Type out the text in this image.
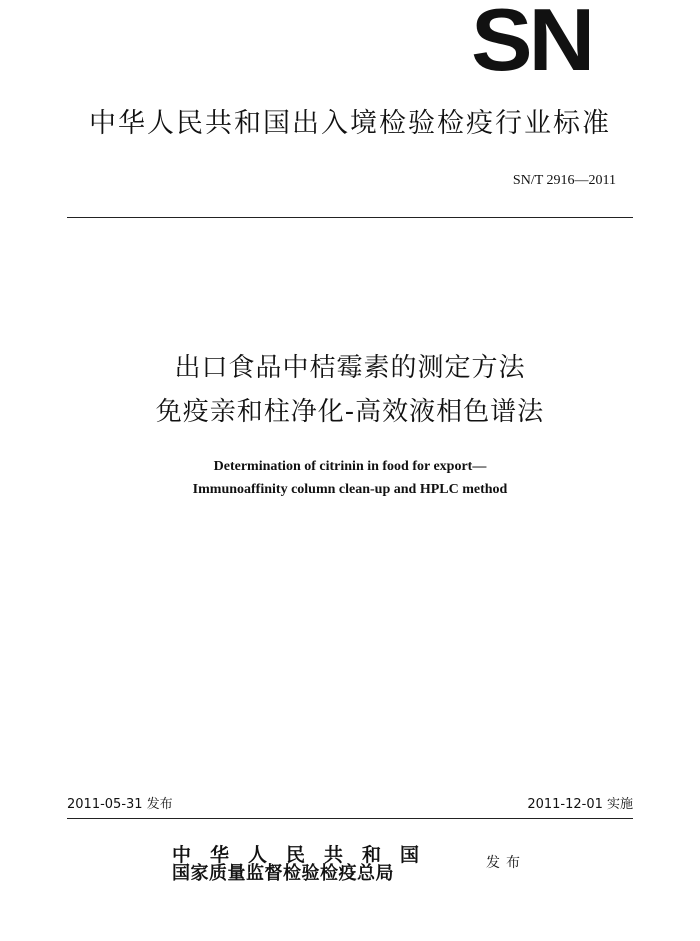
SN
中华人民共和国出入境检验检疫行业标准
SN/T 2916—2011
出口食品中桔霉素的测定方法
免疫亲和柱净化-高效液相色谱法
Determination of citrinin in food for export—
Immunoaffinity column clean-up and HPLC method
2011-05-31 发布	2011-12-01 实施
中华人民共和国
国家质量监督检验检疫总局	发布
